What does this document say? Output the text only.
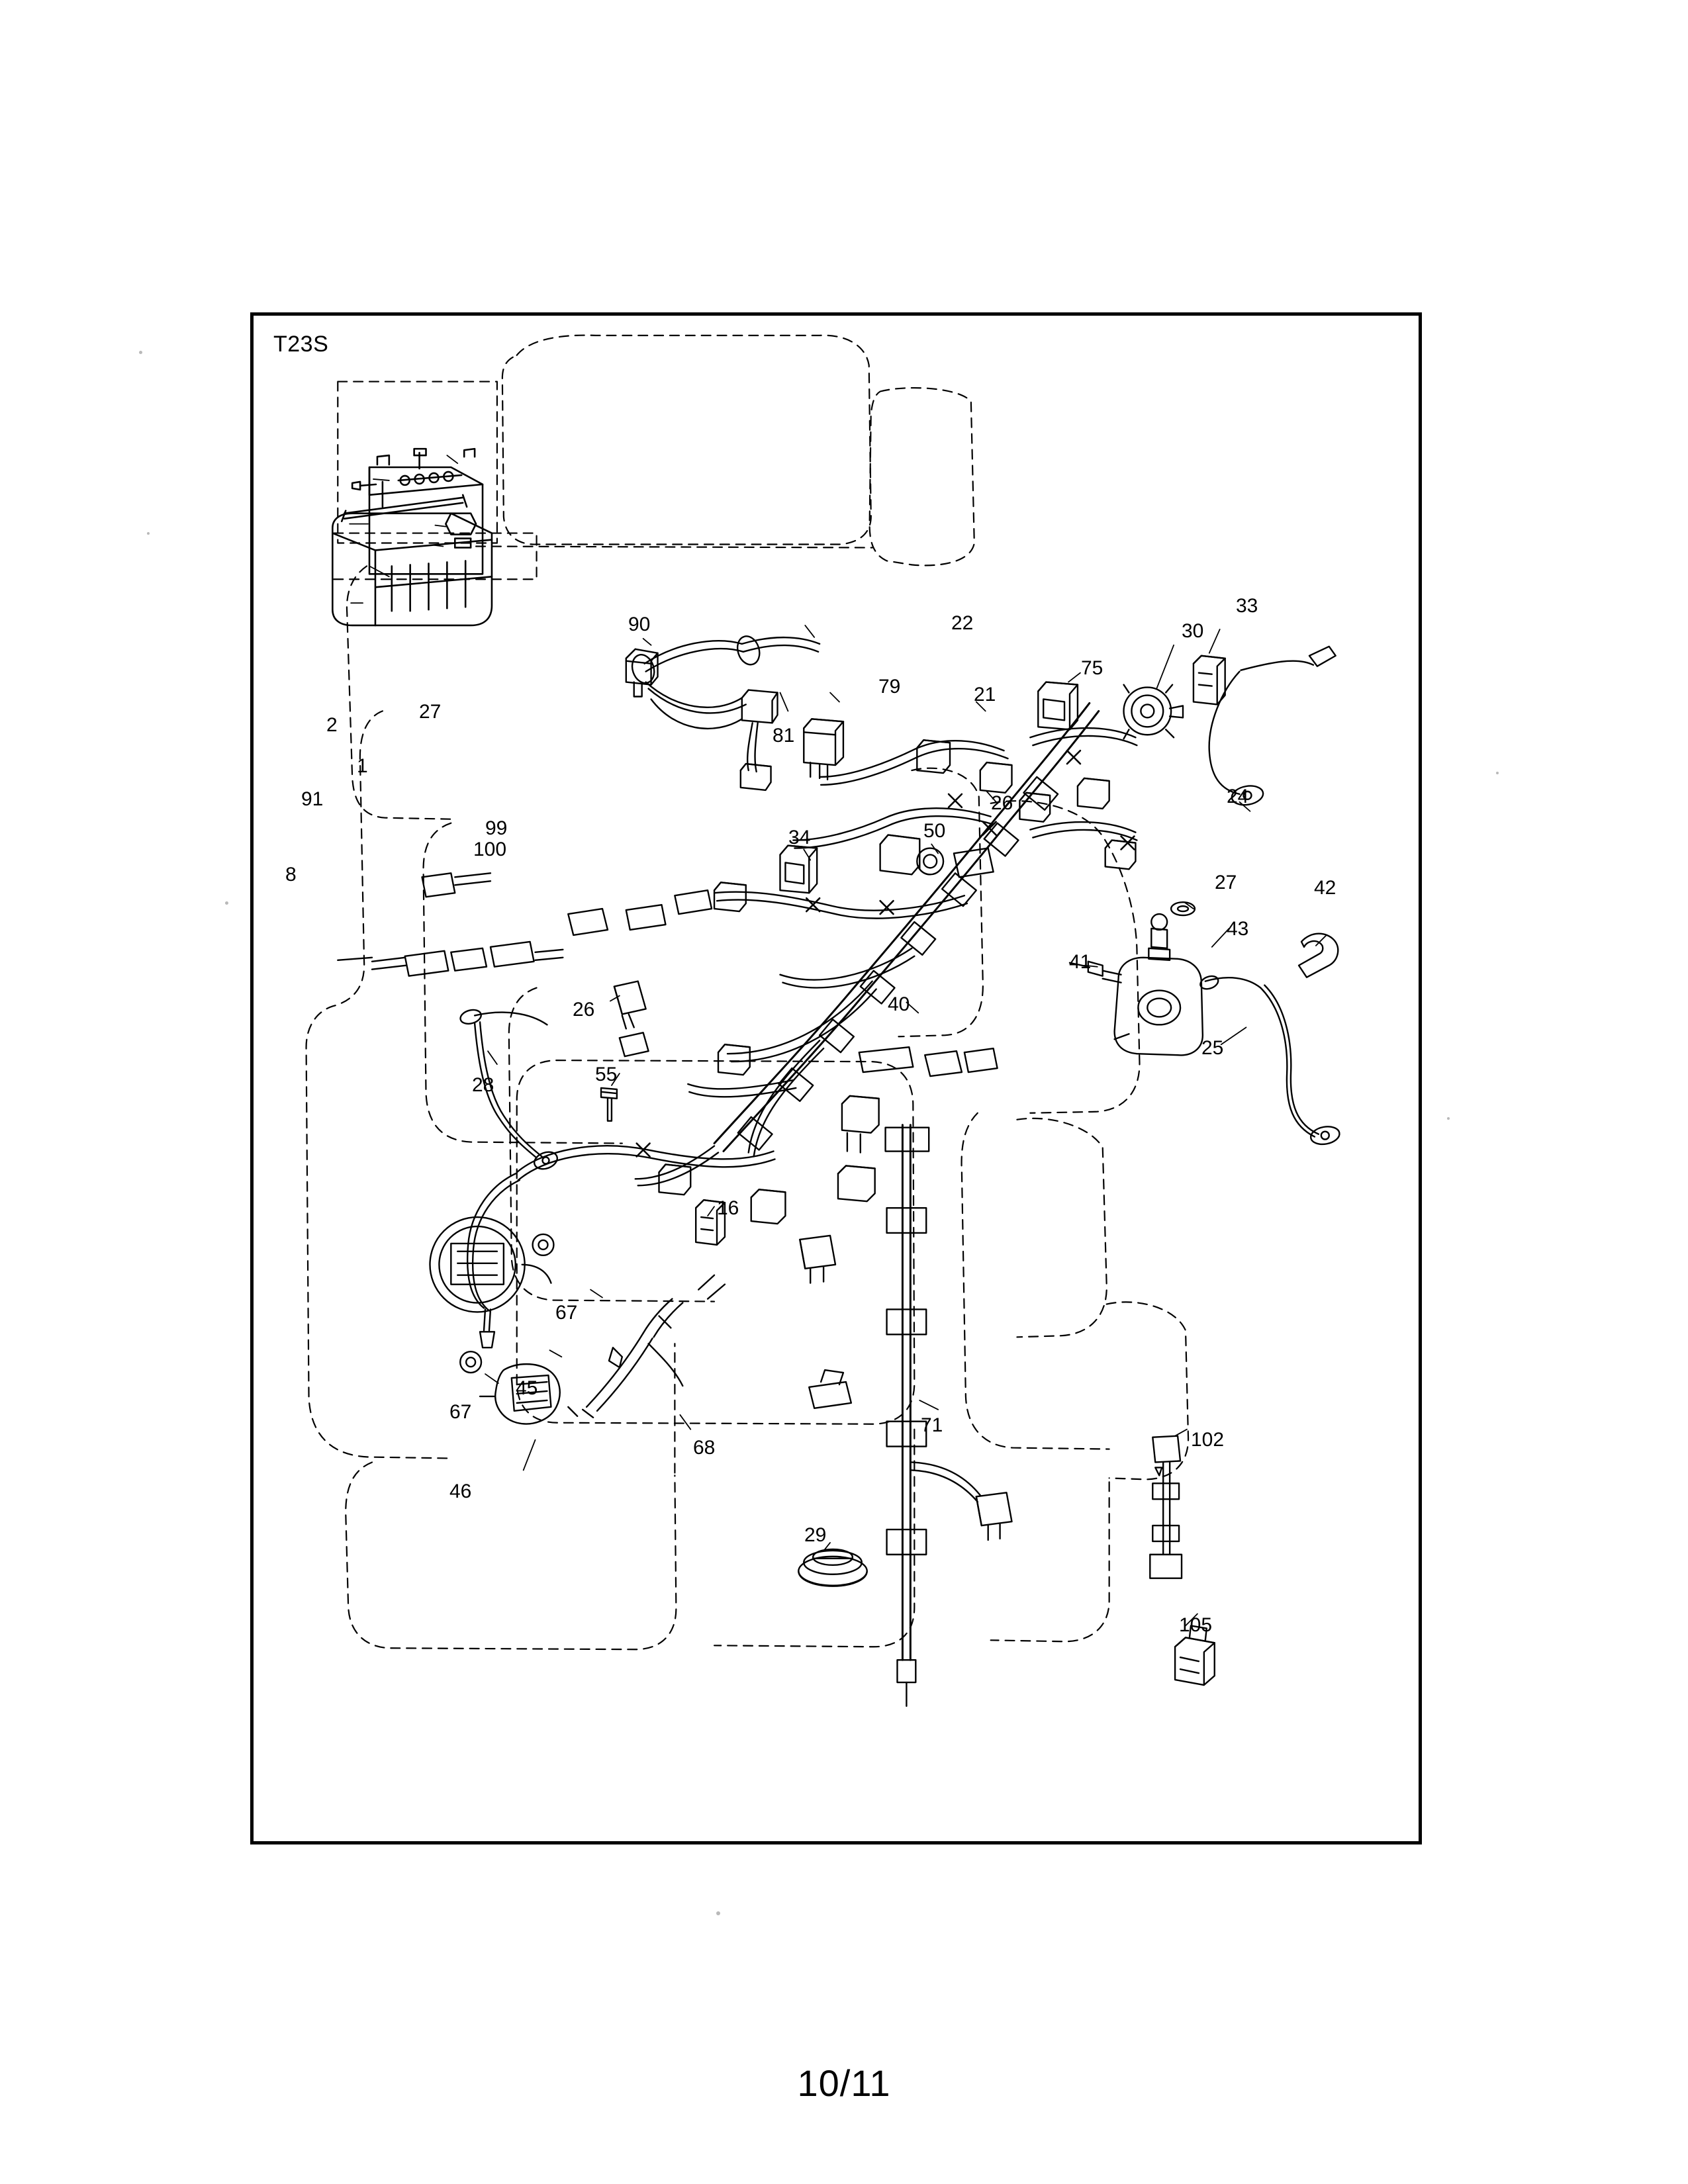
T23S
90	22
33
30
75
79	21
27
2	81
1
91	26	24
99
100
34	50
8	27	42
43
41
26	40
25
28	55
16
67
45
67
68
71
102
46
29
105
10/11
